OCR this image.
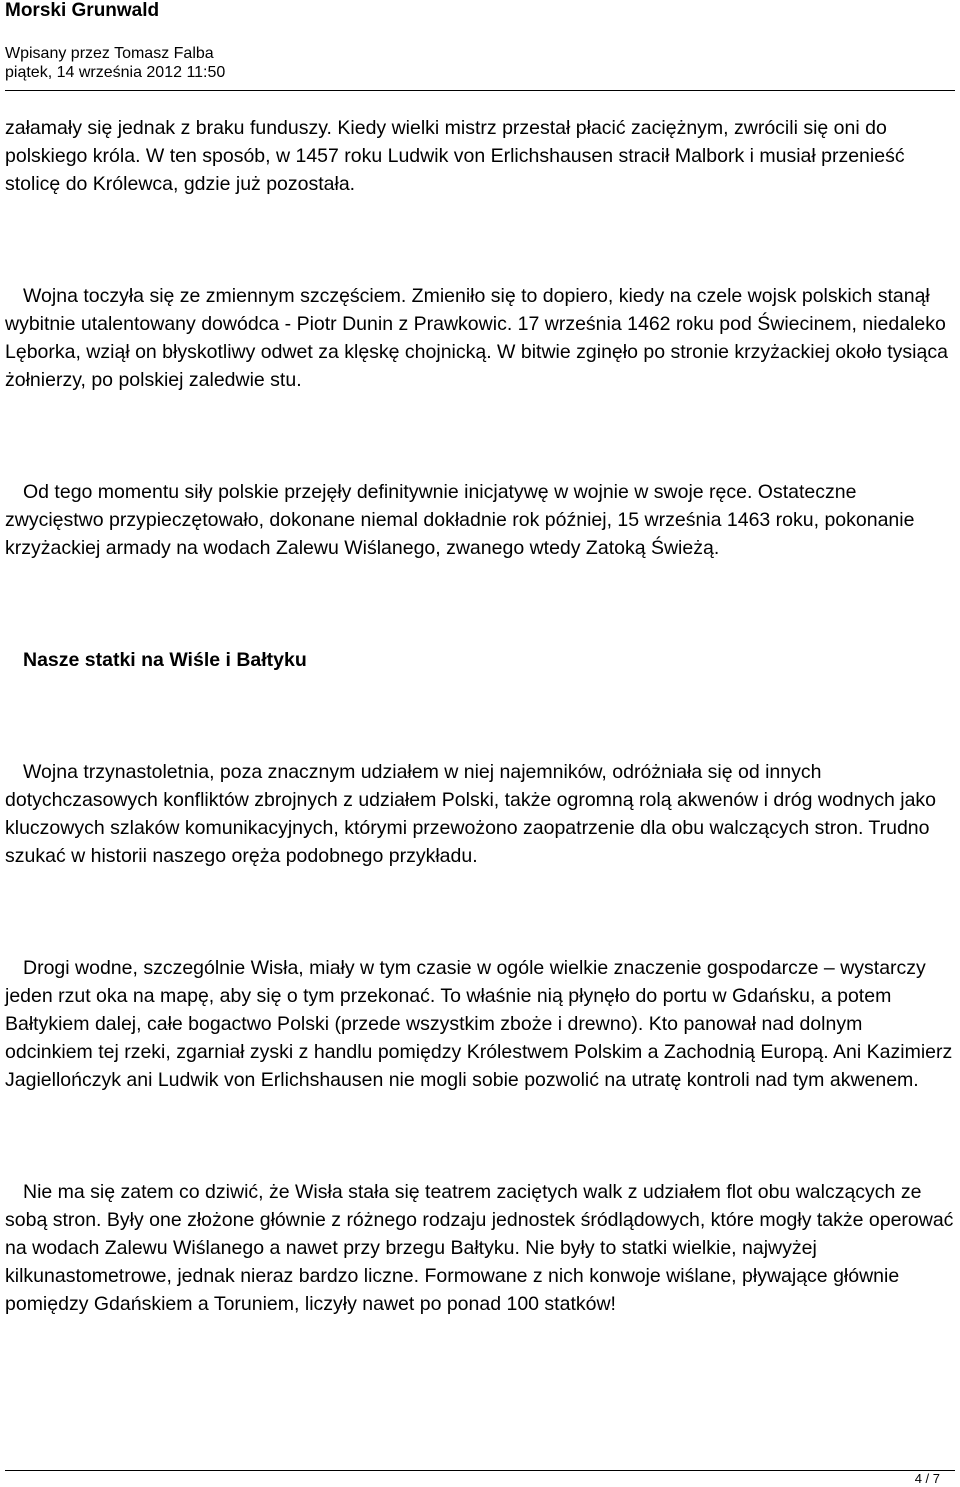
Morski Grunwald
Wpisany przez Tomasz Falba
piątek, 14 września 2012 11:50

załamały się jednak z braku funduszy. Kiedy wielki mistrz przestał płacić zaciężnym, zwrócili się oni do polskiego króla. W ten sposób, w 1457 roku Ludwik von Erlichshausen stracił Malbork i musiał przenieść stolicę do Królewca, gdzie już pozostała.

Wojna toczyła się ze zmiennym szczęściem. Zmieniło się to dopiero, kiedy na czele wojsk polskich stanął wybitnie utalentowany dowódca - Piotr Dunin z Prawkowic. 17 września 1462 roku pod Świecinem, niedaleko Lęborka, wziął on błyskotliwy odwet za klęskę chojnicką. W bitwie zginęło po stronie krzyżackiej około tysiąca żołnierzy, po polskiej zaledwie stu.

Od tego momentu siły polskie przejęły definitywnie inicjatywę w wojnie w swoje ręce. Ostateczne zwycięstwo przypieczętowało, dokonane niemal dokładnie rok później, 15 września 1463 roku, pokonanie krzyżackiej armady na wodach Zalewu Wiślanego, zwanego wtedy Zatoką Świeżą.

Nasze statki na Wiśle i Bałtyku

Wojna trzynastoletnia, poza znacznym udziałem w niej najemników, odróżniała się od innych dotychczasowych konfliktów zbrojnych z udziałem Polski, także ogromną rolą akwenów i dróg wodnych jako kluczowych szlaków komunikacyjnych, którymi przewożono zaopatrzenie dla obu walczących stron. Trudno szukać w historii naszego oręża podobnego przykładu.

Drogi wodne, szczególnie Wisła, miały w tym czasie w ogóle wielkie znaczenie gospodarcze – wystarczy jeden rzut oka na mapę, aby się o tym przekonać. To właśnie nią płynęło do portu w Gdańsku, a potem Bałtykiem dalej, całe bogactwo Polski (przede wszystkim zboże i drewno). Kto panował nad dolnym odcinkiem tej rzeki, zgarniał zyski z handlu pomiędzy Królestwem Polskim a Zachodnią Europą. Ani Kazimierz Jagiellończyk ani Ludwik von Erlichshausen nie mogli sobie pozwolić na utratę kontroli nad tym akwenem.

Nie ma się zatem co dziwić, że Wisła stała się teatrem zaciętych walk z udziałem flot obu walczących ze sobą stron. Były one złożone głównie z różnego rodzaju jednostek śródlądowych, które mogły także operować na wodach Zalewu Wiślanego a nawet przy brzegu Bałtyku. Nie były to statki wielkie, najwyżej kilkunastometrowe, jednak nieraz bardzo liczne. Formowane z nich konwoje wiślane, pływające głównie pomiędzy Gdańskiem a Toruniem, liczyły nawet po ponad 100 statków!

4 / 7
